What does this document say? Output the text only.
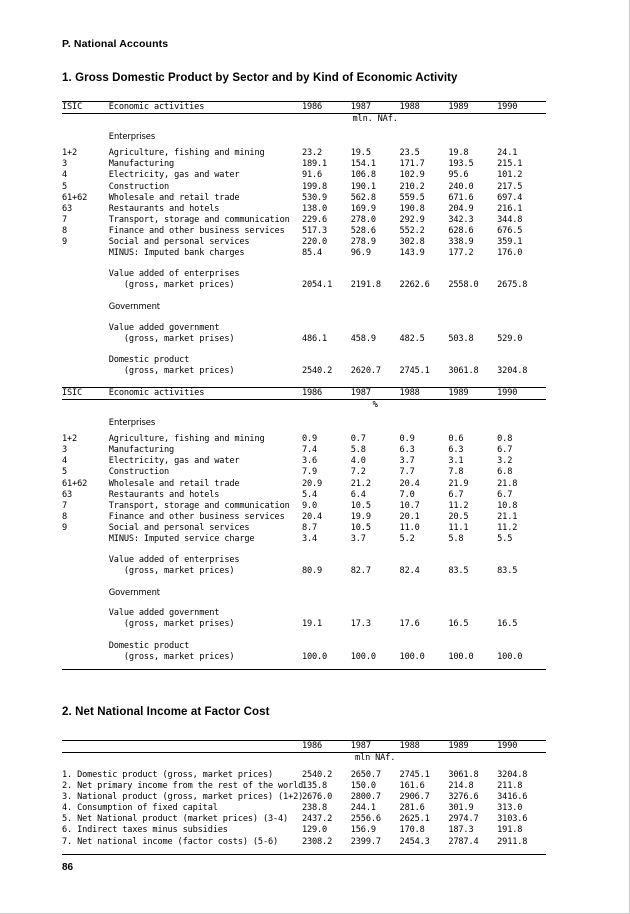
P. National Accounts
1. Gross Domestic Product by Sector and by Kind of Economic Activity

ISIC	Economic activities	1986	1987	1988	1989	1990

		mln. NAf.				

	Enterprises					

1+2	Agriculture, fishing and mining	23.2	19.5	23.5	19.8	24.1
3	Manufacturing	189.1	154.1	171.7	193.5	215.1
4	Electricity, gas and water	91.6	106.8	102.9	95.6	101.2
5	Construction	199.8	190.1	210.2	240.0	217.5
61+62	Wholesale and retail trade	530.9	562.8	559.5	671.6	697.4
63	Restaurants and hotels	138.0	169.9	190.8	204.9	216.1
7	Transport, storage and communication	229.6	278.0	292.9	342.3	344.8
8	Finance and other business services	517.3	528.6	552.2	628.6	676.5
9	Social and personal services	220.0	278.9	302.8	338.9	359.1
	MINUS: Imputed bank charges	85.4	96.9	143.9	177.2	176.0

	Value added of enterprises					
	(gross, market prices)	2054.1	2191.8	2262.6	2558.0	2675.8

	Government					

	Value added government					
	(gross, market prises)	486.1	458.9	482.5	503.8	529.0

	Domestic product					
	(gross, market prices)	2540.2	2620.7	2745.1	3061.8	3204.8

ISIC	Economic activities	1986	1987	1988	1989	1990

		%				

	Enterprises					

1+2	Agriculture, fishing and mining	0.9	0.7	0.9	0.6	0.8
3	Manufacturing	7.4	5.8	6.3	6.3	6.7
4	Electricity, gas and water	3.6	4.0	3.7	3.1	3.2
5	Construction	7.9	7.2	7.7	7.8	6.8
61+62	Wholesale and retail trade	20.9	21.2	20.4	21.9	21.8
63	Restaurants and hotels	5.4	6.4	7.0	6.7	6.7
7	Transport, storage and communication	9.0	10.5	10.7	11.2	10.8
8	Finance and other business services	20.4	19.9	20.1	20.5	21.1
9	Social and personal services	8.7	10.5	11.0	11.1	11.2
	MINUS: Imputed service charge	3.4	3.7	5.2	5.8	5.5

	Value added of enterprises					
	(gross, market prices)	80.9	82.7	82.4	83.5	83.5

	Government					

	Value added government					
	(gross, market prises)	19.1	17.3	17.6	16.5	16.5

	Domestic product					
	(gross, market prices)	100.0	100.0	100.0	100.0	100.0

2. Net National Income at Factor Cost

	1986	1987	1988	1989	1990

	mln NAf.				

1. Domestic product (gross, market prices)	2540.2	2650.7	2745.1	3061.8	3204.8
2. Net primary income from the rest of the world	135.8	150.0	161.6	214.8	211.8
3. National product (gross, market prices) (1+2)	2676.0	2800.7	2906.7	3276.6	3416.6
4. Consumption of fixed capital	238.8	244.1	281.6	301.9	313.0
5. Net National product (market prices) (3-4)	2437.2	2556.6	2625.1	2974.7	3103.6
6. Indirect taxes minus subsidies	129.0	156.9	170.8	187.3	191.8
7. Net national income (factor costs) (5-6)	2308.2	2399.7	2454.3	2787.4	2911.8

86
